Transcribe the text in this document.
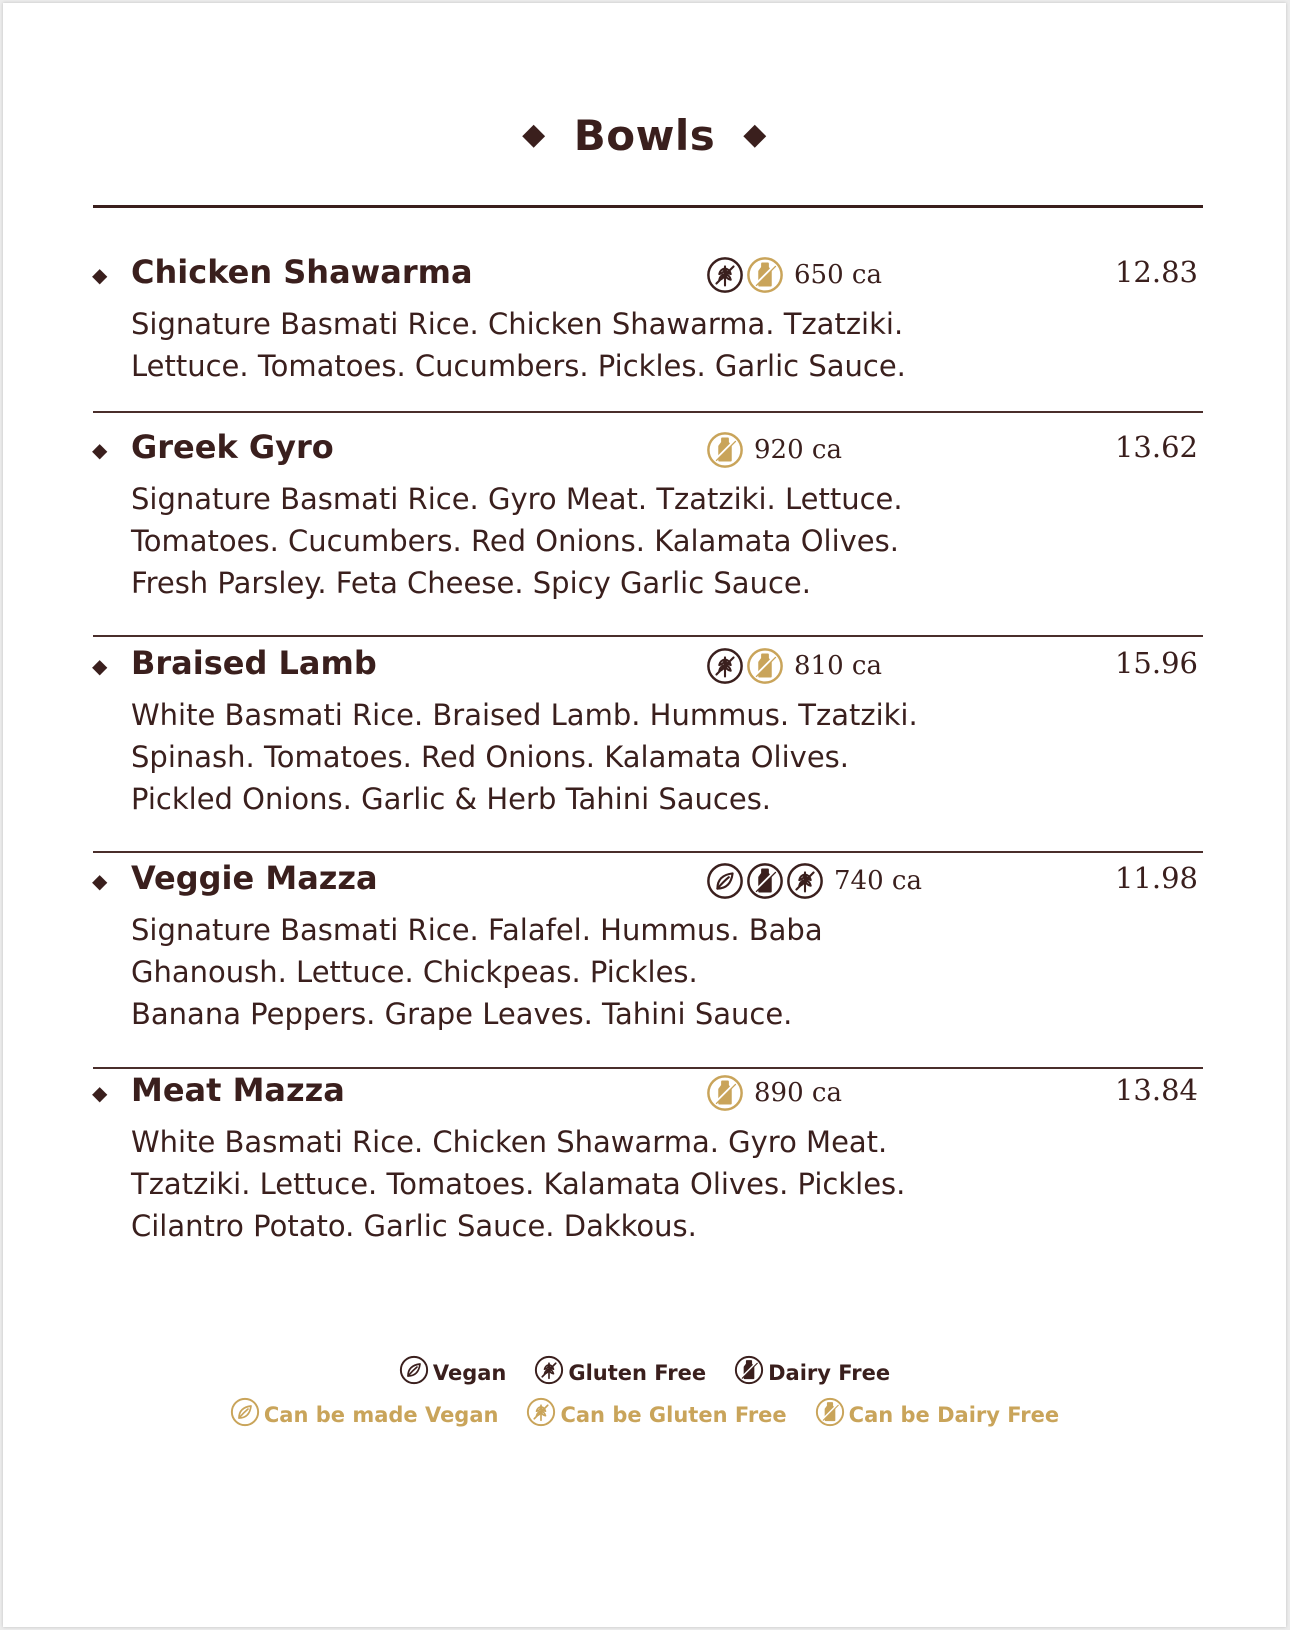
◆ Bowls ◆
◆ Chicken Shawarma	650 ca	12.83
Signature Basmati Rice. Chicken Shawarma. Tzatziki.
Lettuce. Tomatoes. Cucumbers. Pickles. Garlic Sauce.
◆ Greek Gyro	920 ca	13.62
Signature Basmati Rice. Gyro Meat. Tzatziki. Lettuce.
Tomatoes. Cucumbers. Red Onions. Kalamata Olives.
Fresh Parsley. Feta Cheese. Spicy Garlic Sauce.
◆ Braised Lamb	810 ca	15.96
White Basmati Rice. Braised Lamb. Hummus. Tzatziki.
Spinash. Tomatoes. Red Onions. Kalamata Olives.
Pickled Onions. Garlic & Herb Tahini Sauces.
◆ Veggie Mazza	740 ca	11.98
Signature Basmati Rice. Falafel. Hummus. Baba
Ghanoush. Lettuce. Chickpeas. Pickles.
Banana Peppers. Grape Leaves. Tahini Sauce.
◆ Meat Mazza	890 ca	13.84
White Basmati Rice. Chicken Shawarma. Gyro Meat.
Tzatziki. Lettuce. Tomatoes. Kalamata Olives. Pickles.
Cilantro Potato. Garlic Sauce. Dakkous.
Vegan	Gluten Free	Dairy Free
Can be made Vegan	Can be Gluten Free	Can be Dairy Free
